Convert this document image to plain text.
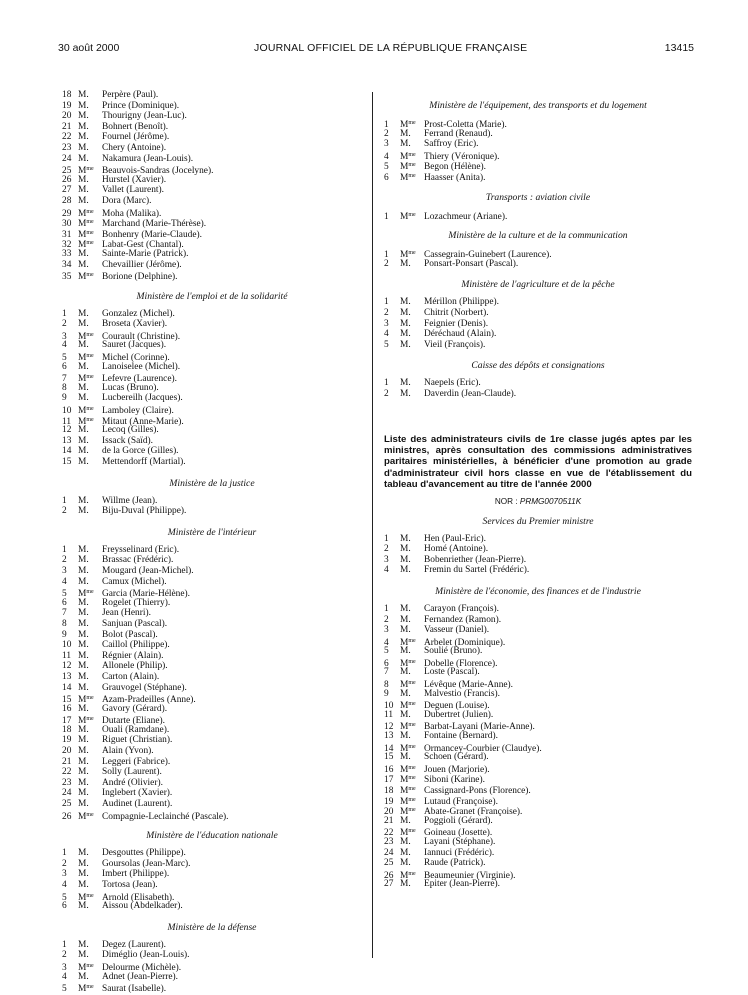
30 août 2000	JOURNAL OFFICIEL DE LA RÉPUBLIQUE FRANÇAISE	13415
18 M. Perpère (Paul).
19 M. Prince (Dominique).
20 M. Thourigny (Jean-Luc).
21 M. Bohnert (Benoît).
22 M. Fournel (Jérôme).
23 M. Chery (Antoine).
24 M. Nakamura (Jean-Louis).
25 $M^{me}$ Beauvois-Sandras (Jocelyne).
26 M. Hurstel (Xavier).
27 M. Vallet (Laurent).
28 M. Dora (Marc).
29 $M^{me}$ Moha (Malika).
30 $M^{me}$ Marchand (Marie-Thérèse).
31 $M^{me}$ Bonhenry (Marie-Claude).
32 $M^{me}$ Labat-Gest (Chantal).
33 M. Sainte-Marie (Patrick).
34 M. Chevaillier (Jérôme).
35 $M^{me}$ Borione (Delphine).
Ministère de l'emploi et de la solidarité
1 M. Gonzalez (Michel).
2 M. Broseta (Xavier).
3 $M^{me}$ Courault (Christine).
4 M. Sauret (Jacques).
5 $M^{me}$ Michel (Corinne).
6 M. Lanoiselee (Michel).
7 $M^{me}$ Lefevre (Laurence).
8 M. Lucas (Bruno).
9 M. Lucbereilh (Jacques).
10 $M^{me}$ Lamboley (Claire).
11 $M^{me}$ Mitaut (Anne-Marie).
12 M. Lecoq (Gilles).
13 M. Issack (Saïd).
14 M. de la Gorce (Gilles).
15 M. Mettendorff (Martial).
Ministère de la justice
1 M. Willme (Jean).
2 M. Biju-Duval (Philippe).
Ministère de l'intérieur
1 M. Freysselinard (Eric).
2 M. Brassac (Frédéric).
3 M. Mougard (Jean-Michel).
4 M. Camux (Michel).
5 $M^{me}$ Garcia (Marie-Hélène).
6 M. Rogelet (Thierry).
7 M. Jean (Henri).
8 M. Sanjuan (Pascal).
9 M. Bolot (Pascal).
10 M. Caillol (Philippe).
11 M. Régnier (Alain).
12 M. Allonele (Philip).
13 M. Carton (Alain).
14 M. Grauvogel (Stéphane).
15 $M^{me}$ Azam-Pradeilles (Anne).
16 M. Gavory (Gérard).
17 $M^{me}$ Dutarte (Eliane).
18 M. Ouali (Ramdane).
19 M. Riguet (Christian).
20 M. Alain (Yvon).
21 M. Leggeri (Fabrice).
22 M. Solly (Laurent).
23 M. André (Olivier).
24 M. Inglebert (Xavier).
25 M. Audinet (Laurent).
26 $M^{me}$ Compagnie-Leclainché (Pascale).
Ministère de l'éducation nationale
1 M. Desgouttes (Philippe).
2 M. Goursolas (Jean-Marc).
3 M. Imbert (Philippe).
4 M. Tortosa (Jean).
5 $M^{me}$ Arnold (Elisabeth).
6 M. Aissou (Abdelkader).
Ministère de la défense
1 M. Degez (Laurent).
2 M. Diméglio (Jean-Louis).
3 $M^{me}$ Delourme (Michèle).
4 M. Adnet (Jean-Pierre).
5 $M^{me}$ Saurat (Isabelle).
Ministère de l'équipement, des transports et du logement
1 $M^{me}$ Prost-Coletta (Marie).
2 M. Ferrand (Renaud).
3 M. Saffroy (Eric).
4 $M^{me}$ Thiery (Véronique).
5 $M^{me}$ Begon (Hélène).
6 $M^{me}$ Haasser (Anita).
Transports : aviation civile
1 $M^{me}$ Lozachmeur (Ariane).
Ministère de la culture et de la communication
1 $M^{me}$ Cassegrain-Guinebert (Laurence).
2 M. Ponsart-Ponsart (Pascal).
Ministère de l'agriculture et de la pêche
1 M. Mérillon (Philippe).
2 M. Chitrit (Norbert).
3 M. Feignier (Denis).
4 M. Déréchaud (Alain).
5 M. Vieil (François).
Caisse des dépôts et consignations
1 M. Naepels (Eric).
2 M. Daverdin (Jean-Claude).
Liste des administrateurs civils de 1re classe jugés aptes par les ministres, après consultation des commissions administratives paritaires ministérielles, à bénéficier d'une promotion au grade d'administrateur civil hors classe en vue de l'établissement du tableau d'avancement au titre de l'année 2000
NOR : PRMG0070511K
Services du Premier ministre
1 M. Hen (Paul-Eric).
2 M. Homé (Antoine).
3 M. Bobenriether (Jean-Pierre).
4 M. Fremin du Sartel (Frédéric).
Ministère de l'économie, des finances et de l'industrie
1 M. Carayon (François).
2 M. Fernandez (Ramon).
3 M. Vasseur (Daniel).
4 $M^{me}$ Arbelet (Dominique).
5 M. Soulié (Bruno).
6 $M^{me}$ Dobelle (Florence).
7 M. Loste (Pascal).
8 $M^{me}$ Lévêque (Marie-Anne).
9 M. Malvestio (Francis).
10 $M^{me}$ Deguen (Louise).
11 M. Dubertret (Julien).
12 $M^{me}$ Barbat-Layani (Marie-Anne).
13 M. Fontaine (Bernard).
14 $M^{me}$ Ormancey-Courbier (Claudye).
15 M. Schoen (Gérard).
16 $M^{me}$ Jouen (Marjorie).
17 $M^{me}$ Siboni (Karine).
18 $M^{me}$ Cassignard-Pons (Florence).
19 $M^{me}$ Lutaud (Françoise).
20 $M^{me}$ Abate-Granet (Françoise).
21 M. Poggioli (Gérard).
22 $M^{me}$ Goineau (Josette).
23 M. Layani (Stéphane).
24 M. Iannuci (Frédéric).
25 M. Raude (Patrick).
26 $M^{me}$ Beaumeunier (Virginie).
27 M. Epiter (Jean-Pierre).
